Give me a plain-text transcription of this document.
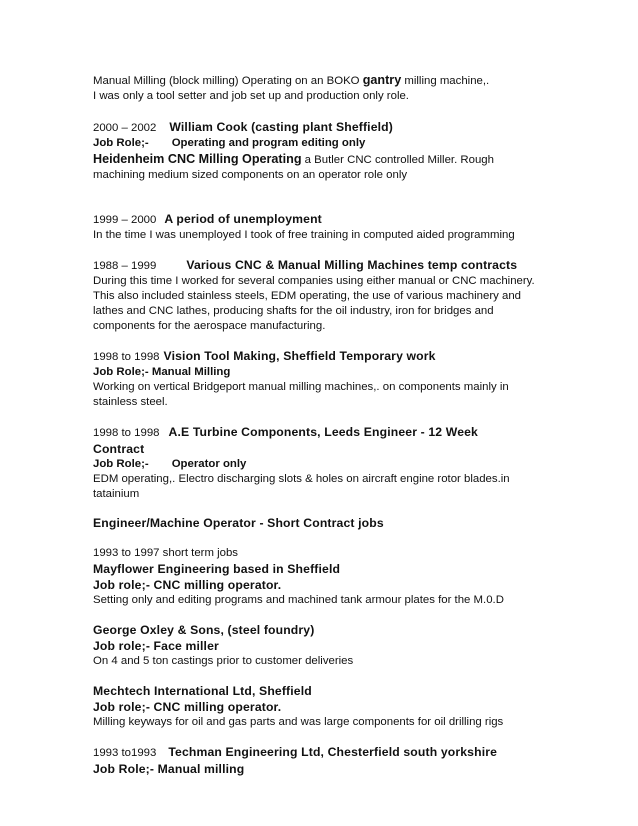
Manual Milling (block milling) Operating on an BOKO gantry milling machine,.
I was only a tool setter and job set up and production only role.
2000 – 2002 William Cook (casting plant Sheffield)
Job Role;- Operating and program editing only
Heidenheim CNC Milling Operating a Butler CNC controlled Miller. Rough
machining medium sized components on an operator role only
1999 – 2000 A period of unemployment
In the time I was unemployed I took of free training in computed aided programming
1988 – 1999 Various CNC & Manual Milling Machines temp contracts
During this time I worked for several companies using either manual or CNC machinery.
This also included stainless steels, EDM operating, the use of various machinery and
lathes and CNC lathes, producing shafts for the oil industry, iron for bridges and
components for the aerospace manufacturing.
1998 to 1998 Vision Tool Making, Sheffield Temporary work
Job Role;- Manual Milling
Working on vertical Bridgeport manual milling machines,. on components mainly in
stainless steel.
1998 to 1998 A.E Turbine Components, Leeds Engineer - 12 Week
Contract
Job Role;- Operator only
EDM operating,. Electro discharging slots & holes on aircraft engine rotor blades.in
tatainium
Engineer/Machine Operator - Short Contract jobs
1993 to 1997 short term jobs
Mayflower Engineering based in Sheffield
Job role;- CNC milling operator.
Setting only and editing programs and machined tank armour plates for the M.0.D
George Oxley & Sons, (steel foundry)
Job role;- Face miller
On 4 and 5 ton castings prior to customer deliveries
Mechtech International Ltd, Sheffield
Job role;- CNC milling operator.
Milling keyways for oil and gas parts and was large components for oil drilling rigs
1993 to1993 Techman Engineering Ltd, Chesterfield south yorkshire
Job Role;- Manual milling
